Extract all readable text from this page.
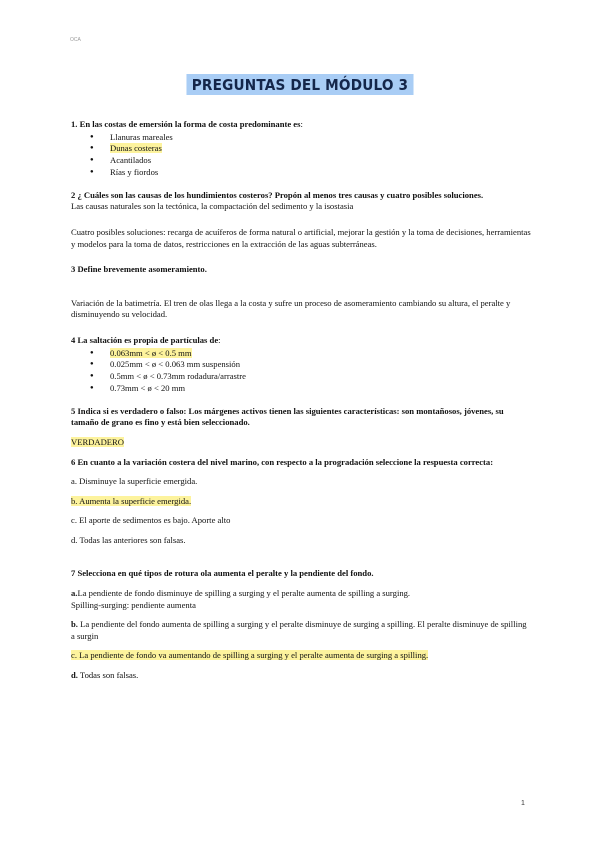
OCA
PREGUNTAS DEL MÓDULO 3

1. En las costas de emersión la forma de costa predominante es:

● Llanuras mareales
● Dunas costeras
● Acantilados
● Rías y fiordos

2 ¿ Cuáles son las causas de los hundimientos costeros? Propón al menos tres causas y cuatro posibles soluciones.

Las causas naturales son la tectónica, la compactación del sedimento y la isostasia

Cuatro posibles soluciones: recarga de acuíferos de forma natural o artificial, mejorar la gestión y la toma de decisiones, herramientas y modelos para la toma de datos, restricciones en la extracción de las aguas subterráneas.

3 Define brevemente asomeramiento.

Variación de la batimetría. El tren de olas llega a la costa y sufre un proceso de asomeramiento cambiando su altura, el peralte y disminuyendo su velocidad.

4 La saltación es propia de partículas de:

● 0.063mm < ø < 0.5 mm
● 0.025mm < ø < 0.063 mm suspensión
● 0.5mm < ø < 0.73mm rodadura/arrastre
● 0.73mm < ø < 20 mm

5 Indica si es verdadero o falso: Los márgenes activos tienen las siguientes características: son montañosos, jóvenes, su tamaño de grano es fino y está bien seleccionado.

VERDADERO

6 En cuanto a la variación costera del nivel marino, con respecto a la progradación seleccione la respuesta correcta:

a. Disminuye la superficie emergida.

b. Aumenta la superficie emergida.

c. El aporte de sedimentos es bajo. Aporte alto

d. Todas las anteriores son falsas.

7 Selecciona en qué tipos de rotura ola aumenta el peralte y la pendiente del fondo.

a.La pendiente de fondo disminuye de spilling a surging y el peralte aumenta de spilling a surging.

Spilling-surging: pendiente aumenta

b. La pendiente del fondo aumenta de spilling a surging y el peralte disminuye de surging a spilling. El peralte disminuye de spilling a surgin

c. La pendiente de fondo va aumentando de spilling a surging y el peralte aumenta de surging a spilling.

d. Todas son falsas.

1
